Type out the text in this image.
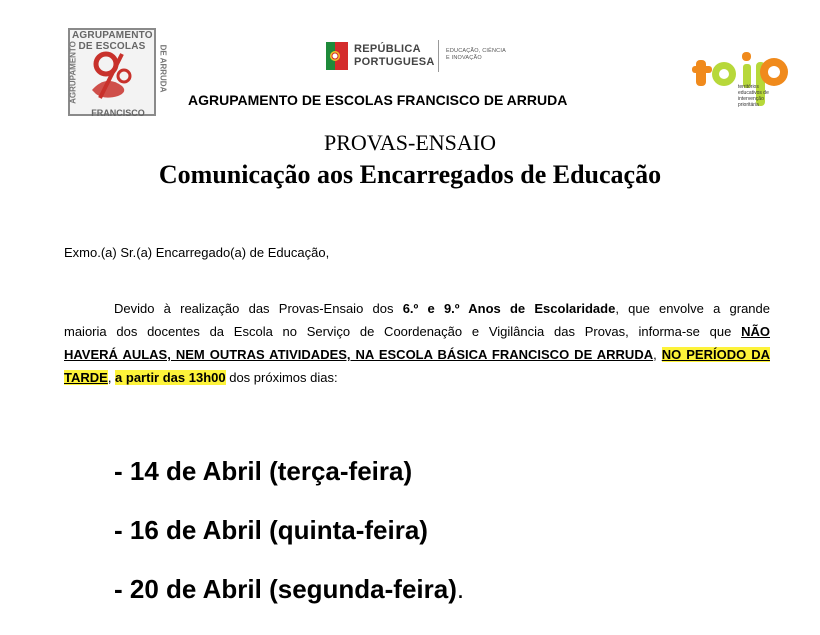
AGRUPAMENTO DE ESCOLAS
AGRUPAMENTO	DE ARRUDA
FRANCISCO
REPÚBLICA
PORTUGUESA
EDUCAÇÃO, CIÊNCIA
E INOVAÇÃO
territórios
educativos de
intervenção
prioritária
AGRUPAMENTO DE ESCOLAS FRANCISCO DE ARRUDA
PROVAS-ENSAIO
Comunicação aos Encarregados de Educação
Exmo.(a) Sr.(a) Encarregado(a) de Educação,
Devido à realização das Provas-Ensaio dos 6.º e 9.º Anos de Escolaridade, que envolve a grande
maioria dos docentes da Escola no Serviço de Coordenação e Vigilância das Provas, informa-se que NÃO
HAVERÁ AULAS, NEM OUTRAS ATIVIDADES, NA ESCOLA BÁSICA FRANCISCO DE ARRUDA, NO PERÍODO DA
TARDE, a partir das 13h00 dos próximos dias:
- 14 de Abril (terça-feira)
- 16 de Abril (quinta-feira)
- 20 de Abril (segunda-feira).
